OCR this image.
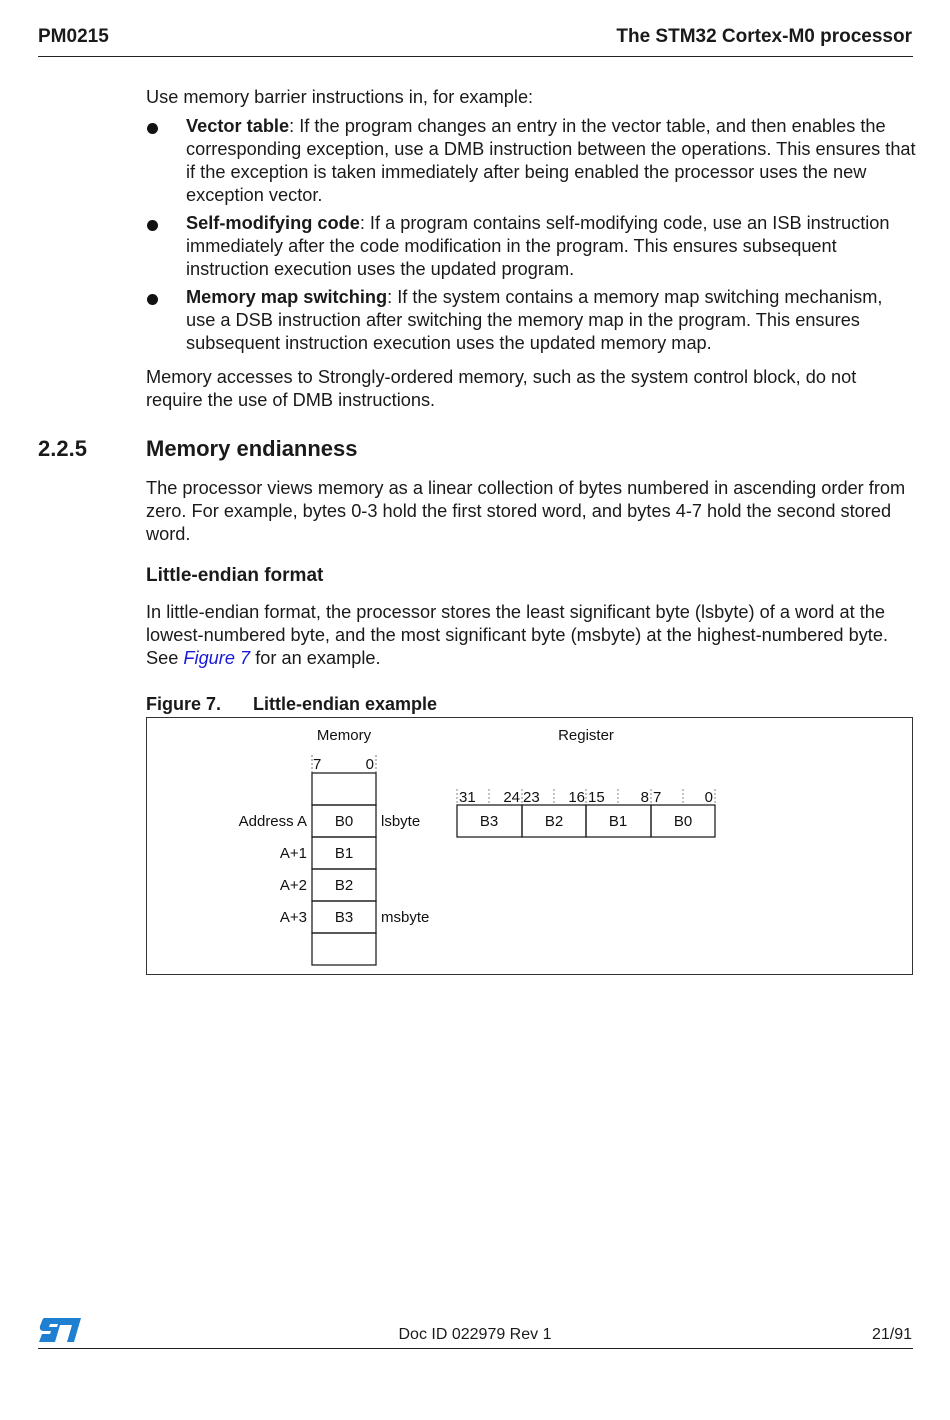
PM0215	The STM32 Cortex-M0 processor

Use memory barrier instructions in, for example:

Vector table: If the program changes an entry in the vector table, and then enables the corresponding exception, use a DMB instruction between the operations. This ensures that if the exception is taken immediately after being enabled the processor uses the new exception vector.
Self-modifying code: If a program contains self-modifying code, use an ISB instruction immediately after the code modification in the program. This ensures subsequent instruction execution uses the updated program.
Memory map switching: If the system contains a memory map switching mechanism, use a DSB instruction after switching the memory map in the program. This ensures subsequent instruction execution uses the updated memory map.

Memory accesses to Strongly-ordered memory, such as the system control block, do not require the use of DMB instructions.

2.2.5	Memory endianness

The processor views memory as a linear collection of bytes numbered in ascending order from zero. For example, bytes 0-3 hold the first stored word, and bytes 4-7 hold the second stored word.

Little-endian format

In little-endian format, the processor stores the least significant byte (lsbyte) of a word at the lowest-numbered byte, and the most significant byte (msbyte) at the highest-numbered byte. See Figure 7 for an example.

Figure 7. Little-endian example
Memory	Register
7	0
Address A
A+1
A+2
A+3
B0
B1
B2
B3
lsbyte
msbyte
31 24 23 16 15 8 7	0
B3	B2	B1	B0
Doc ID 022979 Rev 1	21/91
